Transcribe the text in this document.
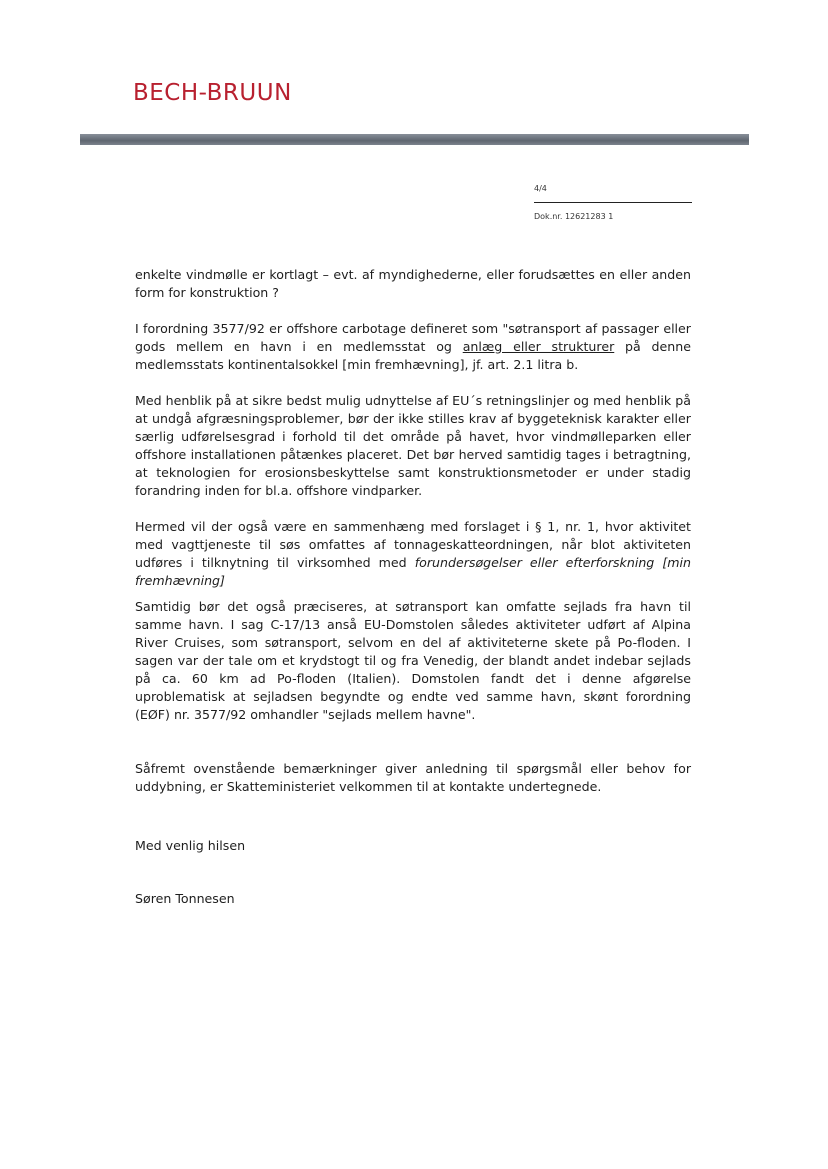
BECH-BRUUN
4/4
Dok.nr. 12621283 1

enkelte vindmølle er kortlagt – evt. af myndighederne, eller forudsættes en eller anden form for konstruktion ?

I forordning 3577/92 er offshore carbotage defineret som "søtransport af passager eller gods mellem en havn i en medlemsstat og anlæg eller strukturer på denne medlemsstats kontinentalsokkel [min fremhævning], jf. art. 2.1 litra b.

Med henblik på at sikre bedst mulig udnyttelse af EU´s retningslinjer og med henblik på at undgå afgræsningsproblemer, bør der ikke stilles krav af byggeteknisk karakter eller særlig udførelsesgrad i forhold til det område på havet, hvor vindmølleparken eller offshore installationen påtænkes placeret. Det bør herved samtidig tages i betragtning, at teknologien for erosionsbeskyttelse samt konstruktionsmetoder er under stadig forandring inden for bl.a. offshore vindparker.

Hermed vil der også være en sammenhæng med forslaget i § 1, nr. 1, hvor aktivitet med vagttjeneste til søs omfattes af tonnageskatteordningen, når blot aktiviteten udføres i tilknytning til virksomhed med forundersøgelser eller efterforskning [min fremhævning]

Samtidig bør det også præciseres, at søtransport kan omfatte sejlads fra havn til samme havn. I sag C-17/13 anså EU-Domstolen således aktiviteter udført af Alpina River Cruises, som søtransport, selvom en del af aktiviteterne skete på Po-floden. I sagen var der tale om et krydstogt til og fra Venedig, der blandt andet indebar sejlads på ca. 60 km ad Po-floden (Italien). Domstolen fandt det i denne afgørelse uproblematisk at sejladsen begyndte og endte ved samme havn, skønt forordning (EØF) nr. 3577/92 omhandler "sejlads mellem havne".

Såfremt ovenstående bemærkninger giver anledning til spørgsmål eller behov for uddybning, er Skatteministeriet velkommen til at kontakte undertegnede.

Med venlig hilsen
Søren Tonnesen
